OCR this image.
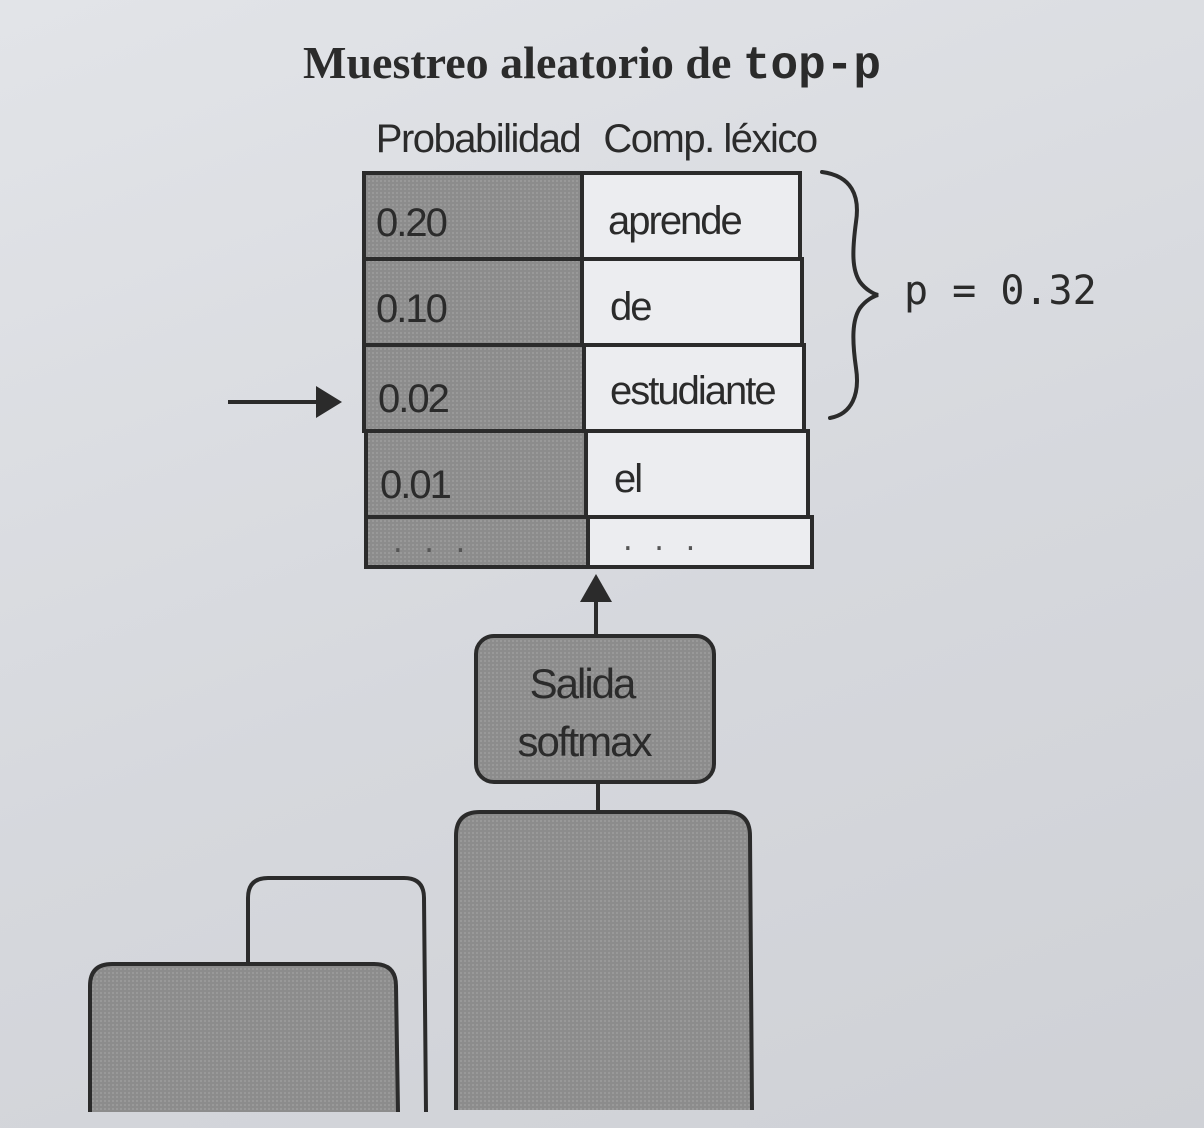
Muestreo aleatorio de top-p
Probabilidad Comp. léxico
0.20	aprende
0.10	de
0.02	estudiante
0.01	el
. . .	. . .
p = 0.32
Salida
softmax
